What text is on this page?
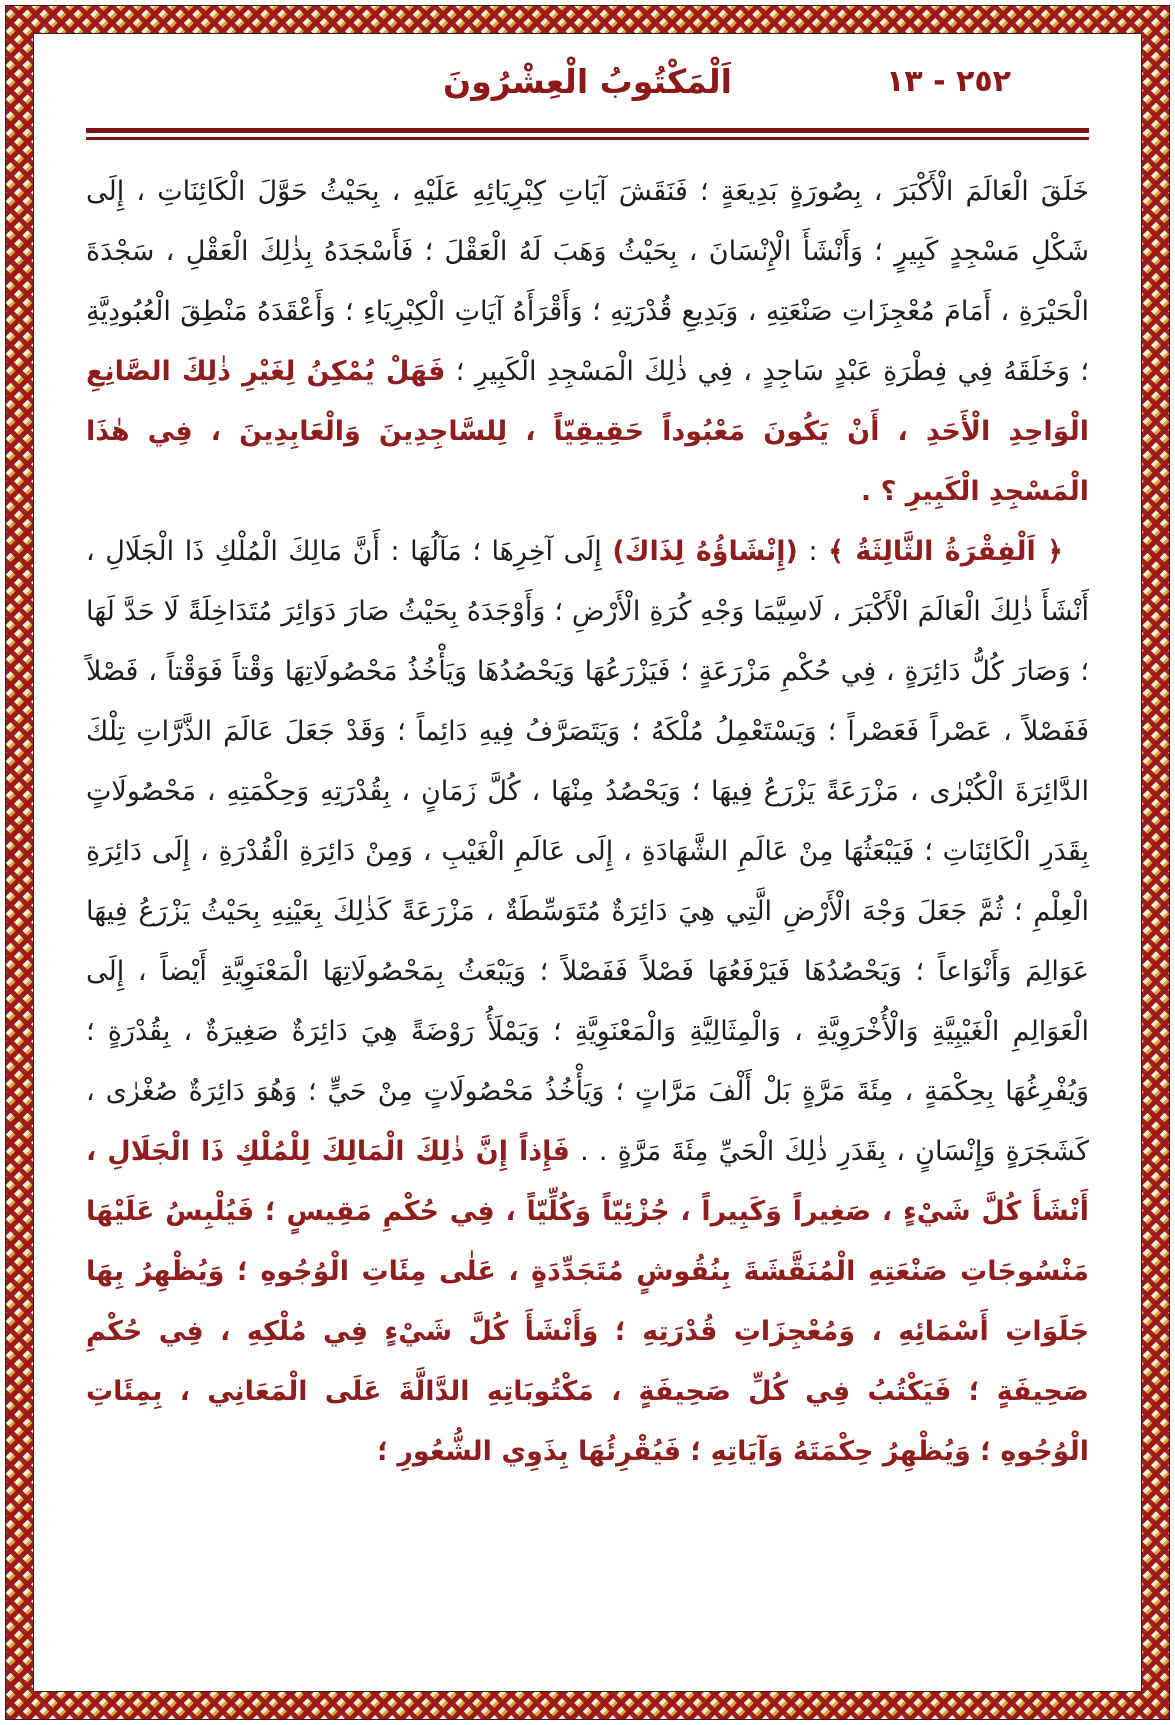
٢٥٢ - ١٣
اَلْمَكْتُوبُ الْعِشْرُونَ

خَلَقَ الْعَالَمَ الْأَكْبَرَ ، بِصُورَةٍ بَدِيعَةٍ ؛ فَنَقَشَ آيَاتِ كِبْرِيَائِهِ عَلَيْهِ ، بِحَيْثُ حَوَّلَ الْكَائِنَاتِ ، إِلَى شَكْلِ مَسْجِدٍ كَبِيرٍ ؛ وَأَنْشَأَ الْإِنْسَانَ ، بِحَيْثُ وَهَبَ لَهُ الْعَقْلَ ؛ فَأَسْجَدَهُ بِذٰلِكَ الْعَقْلِ ، سَجْدَةَ الْحَيْرَةِ ، أَمَامَ مُعْجِزَاتِ صَنْعَتِهِ ، وَبَدِيعِ قُدْرَتِهِ ؛ وَأَقْرَأَهُ آيَاتِ الْكِبْرِيَاءِ ؛ وَأَعْقَدَهُ مَنْطِقَ الْعُبُودِيَّةِ ؛ وَخَلَقَهُ فِي فِطْرَةِ عَبْدٍ سَاجِدٍ ، فِي ذٰلِكَ الْمَسْجِدِ الْكَبِيرِ ؛ فَهَلْ يُمْكِنُ لِغَيْرِ ذٰلِكَ الصَّانِعِ الْوَاحِدِ الْأَحَدِ ، أَنْ يَكُونَ مَعْبُوداً حَقِيقِيّاً ، لِلسَّاجِدِينَ وَالْعَابِدِينَ ، فِي هٰذَا الْمَسْجِدِ الْكَبِيرِ ؟ .

﴿ اَلْفِقْرَةُ الثَّالِثَةُ ﴾ : (إِنْشَاؤُهُ لِذَاكَ) إِلَى آخِرِهَا ؛ مَآلُهَا : أَنَّ مَالِكَ الْمُلْكِ ذَا الْجَلَالِ ، أَنْشَأَ ذٰلِكَ الْعَالَمَ الْأَكْبَرَ ، لَاسِيَّمَا وَجْهِ كُرَةِ الْأَرْضِ ؛ وَأَوْجَدَهُ بِحَيْثُ صَارَ دَوَائِرَ مُتَدَاخِلَةً لَا حَدَّ لَهَا ؛ وَصَارَ كُلُّ دَائِرَةٍ ، فِي حُكْمِ مَزْرَعَةٍ ؛ فَيَزْرَعُهَا وَيَحْصُدُهَا وَيَأْخُذُ مَحْصُولَاتِهَا وَقْتاً فَوَقْتاً ، فَصْلاً فَفَصْلاً ، عَصْراً فَعَصْراً ؛ وَيَسْتَعْمِلُ مُلْكَهُ ؛ وَيَتَصَرَّفُ فِيهِ دَائِماً ؛ وَقَدْ جَعَلَ عَالَمَ الذَّرَّاتِ تِلْكَ الدَّائِرَةَ الْكُبْرٰى ، مَزْرَعَةً يَزْرَعُ فِيهَا ؛ وَيَحْصُدُ مِنْهَا ، كُلَّ زَمَانٍ ، بِقُدْرَتِهِ وَحِكْمَتِهِ ، مَحْصُولَاتٍ بِقَدَرِ الْكَائِنَاتِ ؛ فَيَبْعَثُهَا مِنْ عَالَمِ الشَّهَادَةِ ، إِلَى عَالَمِ الْغَيْبِ ، وَمِنْ دَائِرَةِ الْقُدْرَةِ ، إِلَى دَائِرَةِ الْعِلْمِ ؛ ثُمَّ جَعَلَ وَجْهَ الْأَرْضِ الَّتِي هِيَ دَائِرَةٌ مُتَوَسِّطَةٌ ، مَزْرَعَةً كَذٰلِكَ بِعَيْنِهِ بِحَيْثُ يَزْرَعُ فِيهَا عَوَالِمَ وَأَنْوَاعاً ؛ وَيَحْصُدُهَا فَيَرْفَعُهَا فَصْلاً فَفَصْلاً ؛ وَيَبْعَثُ بِمَحْصُولَاتِهَا الْمَعْنَوِيَّةِ أَيْضاً ، إِلَى الْعَوَالِمِ الْغَيْبِيَّةِ وَالْأُخْرَوِيَّةِ ، وَالْمِثَالِيَّةِ وَالْمَعْنَوِيَّةِ ؛ وَيَمْلَأُ رَوْضَةً هِيَ دَائِرَةٌ صَغِيرَةٌ ، بِقُدْرَةٍ ؛ وَيُفْرِغُهَا بِحِكْمَةٍ ، مِئَةَ مَرَّةٍ بَلْ أَلْفَ مَرَّاتٍ ؛ وَيَأْخُذُ مَحْصُولَاتٍ مِنْ حَيٍّ ؛ وَهُوَ دَائِرَةٌ صُغْرٰى ، كَشَجَرَةٍ وَإِنْسَانٍ ، بِقَدَرِ ذٰلِكَ الْحَيِّ مِئَةَ مَرَّةٍ . . فَإِذاً إِنَّ ذٰلِكَ الْمَالِكَ لِلْمُلْكِ ذَا الْجَلَالِ ، أَنْشَأَ كُلَّ شَيْءٍ ، صَغِيراً وَكَبِيراً ، جُزْئِيّاً وَكُلِّيّاً ، فِي حُكْمِ مَقِيسٍ ؛ فَيُلْبِسُ عَلَيْهَا مَنْسُوجَاتِ صَنْعَتِهِ الْمُنَقَّشَةَ بِنُقُوشٍ مُتَجَدِّدَةٍ ، عَلٰى مِئَاتِ الْوُجُوهِ ؛ وَيُظْهِرُ بِهَا جَلَوَاتِ أَسْمَائِهِ ، وَمُعْجِزَاتِ قُدْرَتِهِ ؛ وَأَنْشَأَ كُلَّ شَيْءٍ فِي مُلْكِهِ ، فِي حُكْمِ صَحِيفَةٍ ؛ فَيَكْتُبُ فِي كُلِّ صَحِيفَةٍ ، مَكْتُوبَاتِهِ الدَّالَّةَ عَلَى الْمَعَانِي ، بِمِئَاتِ الْوُجُوهِ ؛ وَيُظْهِرُ حِكْمَتَهُ وَآيَاتِهِ ؛ فَيُقْرِئُهَا بِذَوِي الشُّعُورِ ؛
